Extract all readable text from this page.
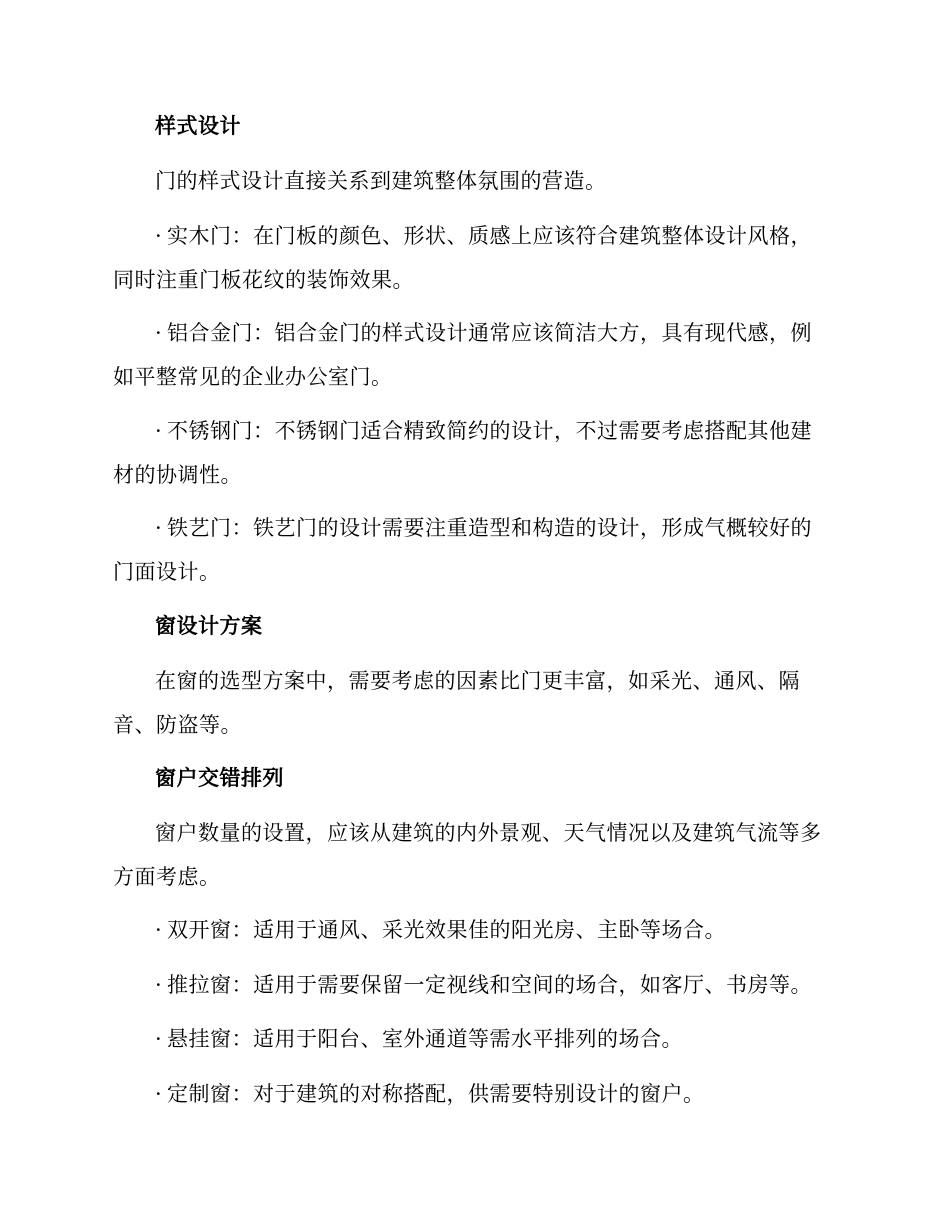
样式设计
门的样式设计直接关系到建筑整体氛围的营造。
· 实木门：在门板的颜色、形状、质感上应该符合建筑整体设计风格，同时注重门板花纹的装饰效果。
· 铝合金门：铝合金门的样式设计通常应该简洁大方，具有现代感，例如平整常见的企业办公室门。
· 不锈钢门：不锈钢门适合精致简约的设计，不过需要考虑搭配其他建材的协调性。
· 铁艺门：铁艺门的设计需要注重造型和构造的设计，形成气概较好的门面设计。
窗设计方案
在窗的选型方案中，需要考虑的因素比门更丰富，如采光、通风、隔音、防盗等。
窗户交错排列
窗户数量的设置，应该从建筑的内外景观、天气情况以及建筑气流等多方面考虑。
· 双开窗：适用于通风、采光效果佳的阳光房、主卧等场合。
· 推拉窗：适用于需要保留一定视线和空间的场合，如客厅、书房等。
· 悬挂窗：适用于阳台、室外通道等需水平排列的场合。
· 定制窗：对于建筑的对称搭配，供需要特别设计的窗户。
